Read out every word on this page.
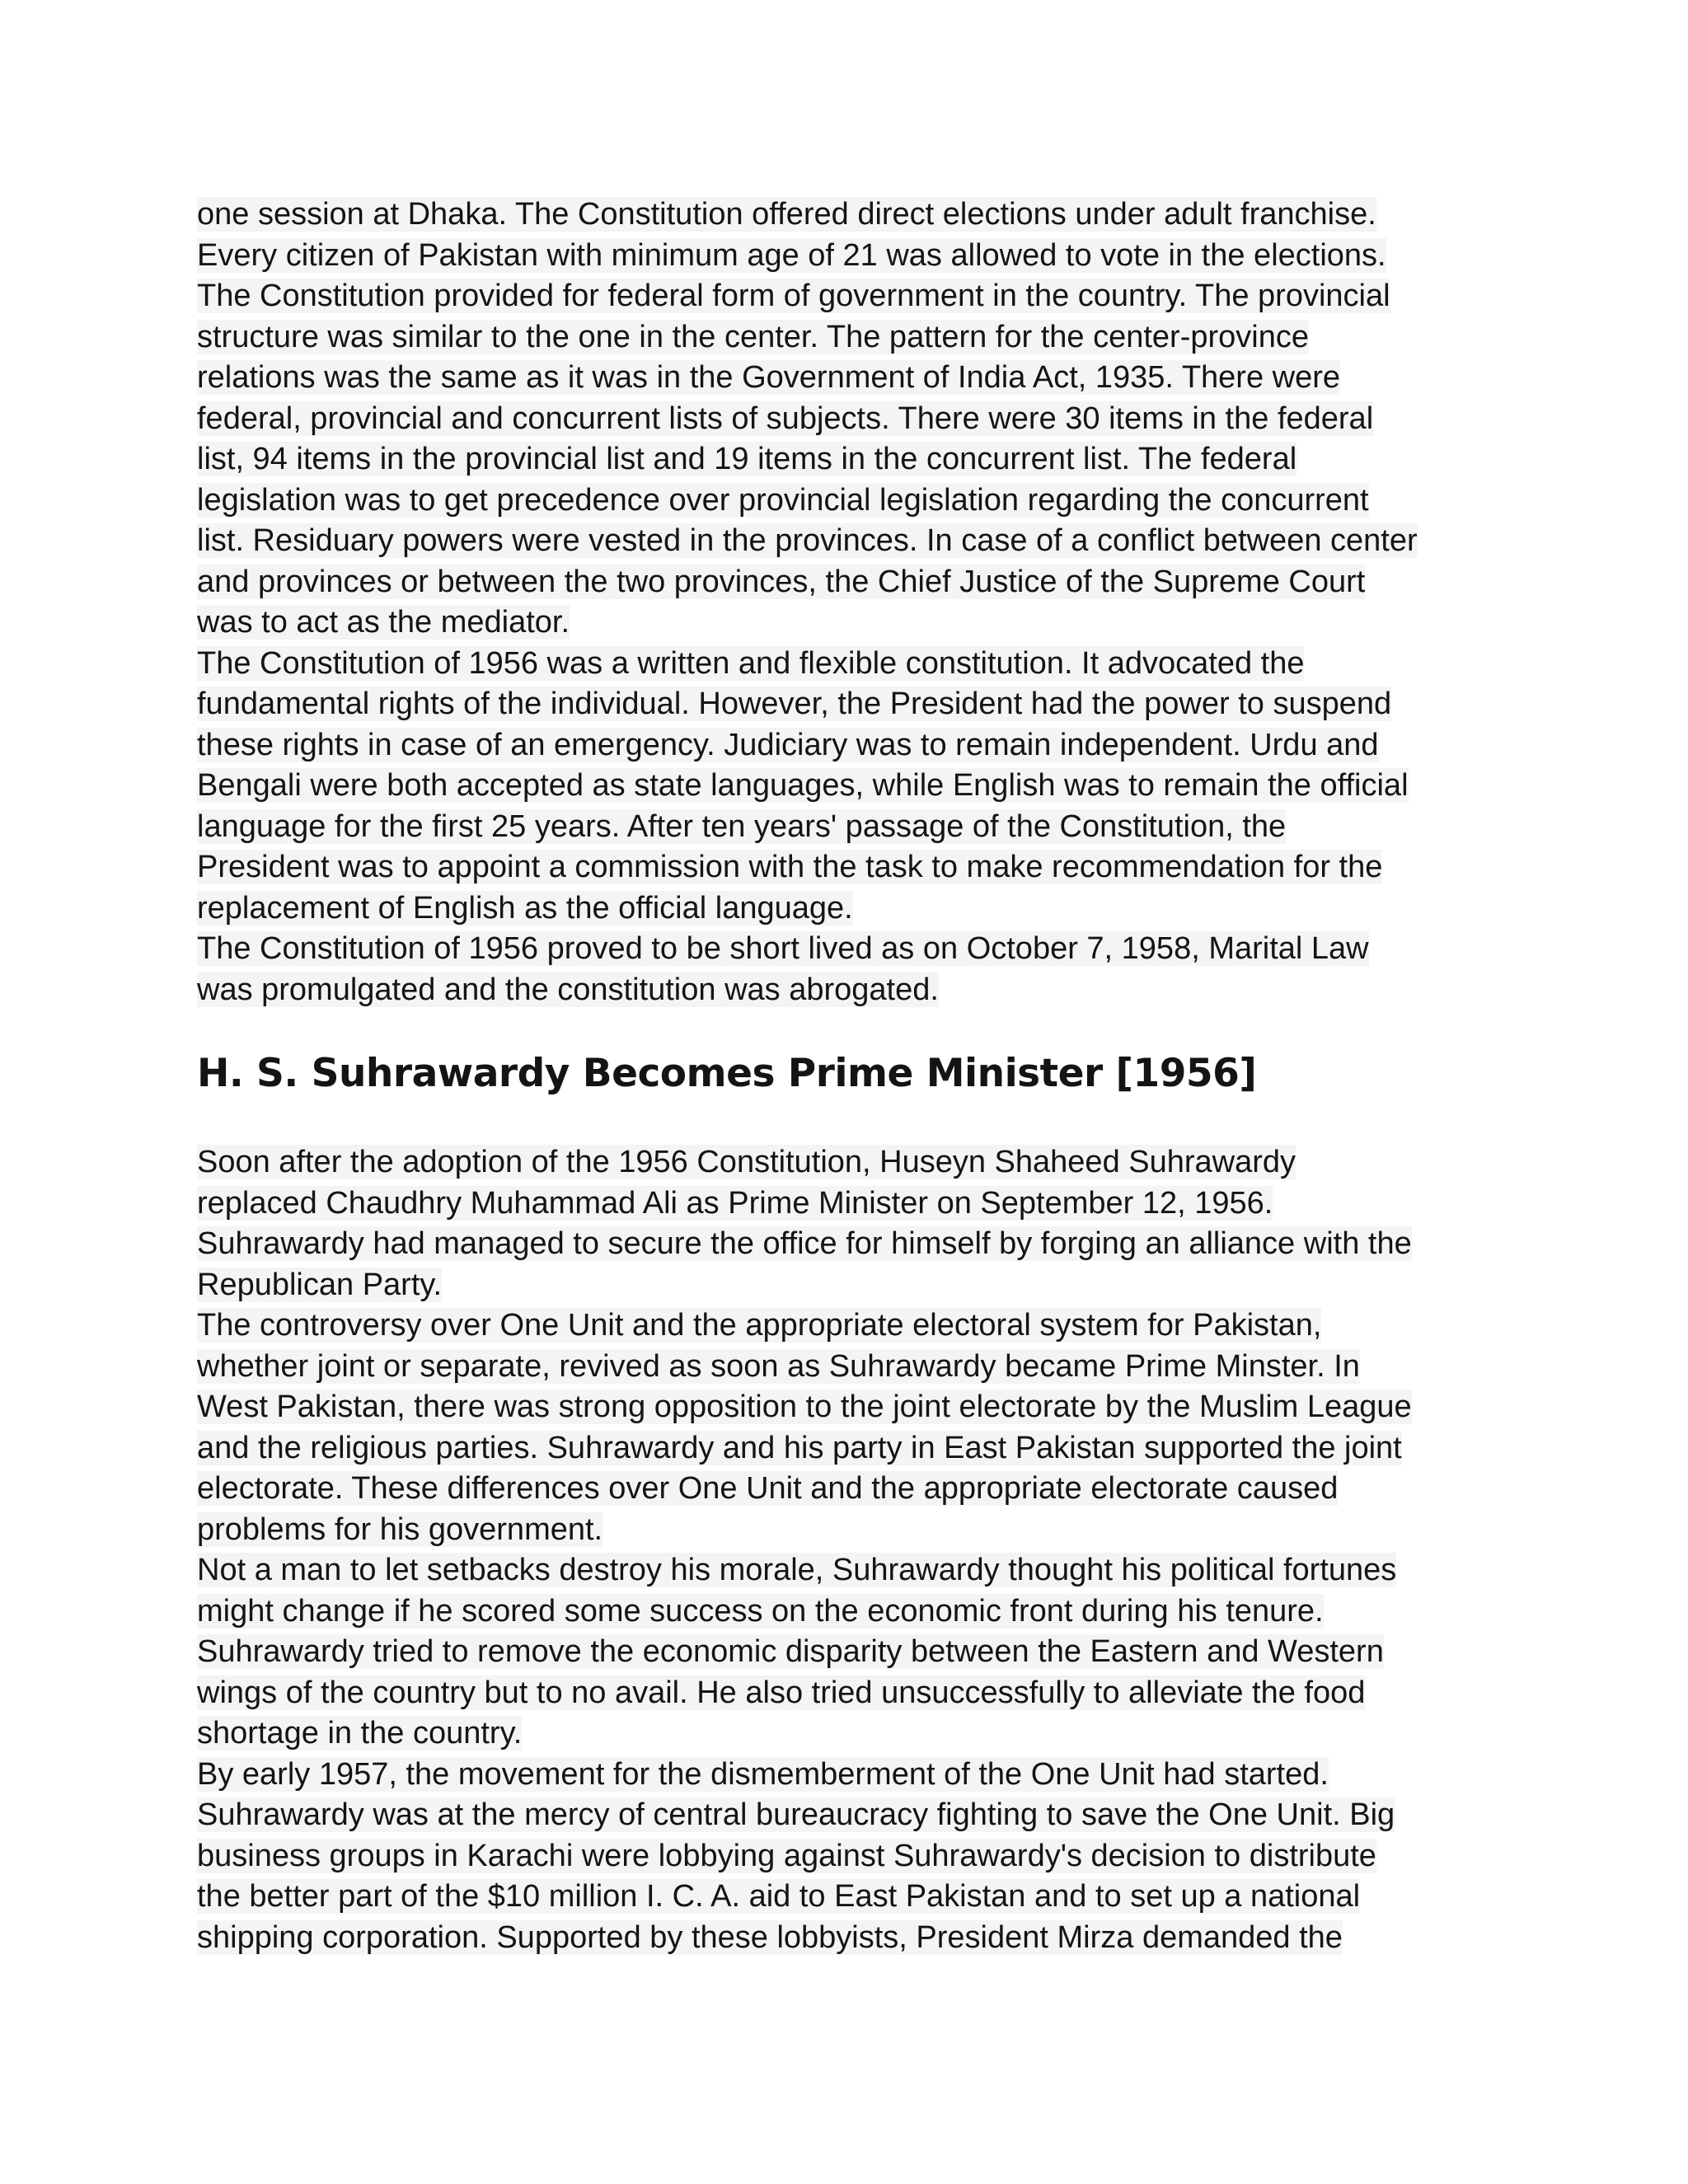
one session at Dhaka. The Constitution offered direct elections under adult franchise.
Every citizen of Pakistan with minimum age of 21 was allowed to vote in the elections.
The Constitution provided for federal form of government in the country. The provincial
structure was similar to the one in the center. The pattern for the center-province
relations was the same as it was in the Government of India Act, 1935. There were
federal, provincial and concurrent lists of subjects. There were 30 items in the federal
list, 94 items in the provincial list and 19 items in the concurrent list. The federal
legislation was to get precedence over provincial legislation regarding the concurrent
list. Residuary powers were vested in the provinces. In case of a conflict between center
and provinces or between the two provinces, the Chief Justice of the Supreme Court
was to act as the mediator.
The Constitution of 1956 was a written and flexible constitution. It advocated the
fundamental rights of the individual. However, the President had the power to suspend
these rights in case of an emergency. Judiciary was to remain independent. Urdu and
Bengali were both accepted as state languages, while English was to remain the official
language for the first 25 years. After ten years' passage of the Constitution, the
President was to appoint a commission with the task to make recommendation for the
replacement of English as the official language.
The Constitution of 1956 proved to be short lived as on October 7, 1958, Marital Law
was promulgated and the constitution was abrogated.
H. S. Suhrawardy Becomes Prime Minister [1956]
Soon after the adoption of the 1956 Constitution, Huseyn Shaheed Suhrawardy
replaced Chaudhry Muhammad Ali as Prime Minister on September 12, 1956.
Suhrawardy had managed to secure the office for himself by forging an alliance with the
Republican Party.
The controversy over One Unit and the appropriate electoral system for Pakistan,
whether joint or separate, revived as soon as Suhrawardy became Prime Minster. In
West Pakistan, there was strong opposition to the joint electorate by the Muslim League
and the religious parties. Suhrawardy and his party in East Pakistan supported the joint
electorate. These differences over One Unit and the appropriate electorate caused
problems for his government.
Not a man to let setbacks destroy his morale, Suhrawardy thought his political fortunes
might change if he scored some success on the economic front during his tenure.
Suhrawardy tried to remove the economic disparity between the Eastern and Western
wings of the country but to no avail. He also tried unsuccessfully to alleviate the food
shortage in the country.
By early 1957, the movement for the dismemberment of the One Unit had started.
Suhrawardy was at the mercy of central bureaucracy fighting to save the One Unit. Big
business groups in Karachi were lobbying against Suhrawardy's decision to distribute
the better part of the $10 million I. C. A. aid to East Pakistan and to set up a national
shipping corporation. Supported by these lobbyists, President Mirza demanded the
